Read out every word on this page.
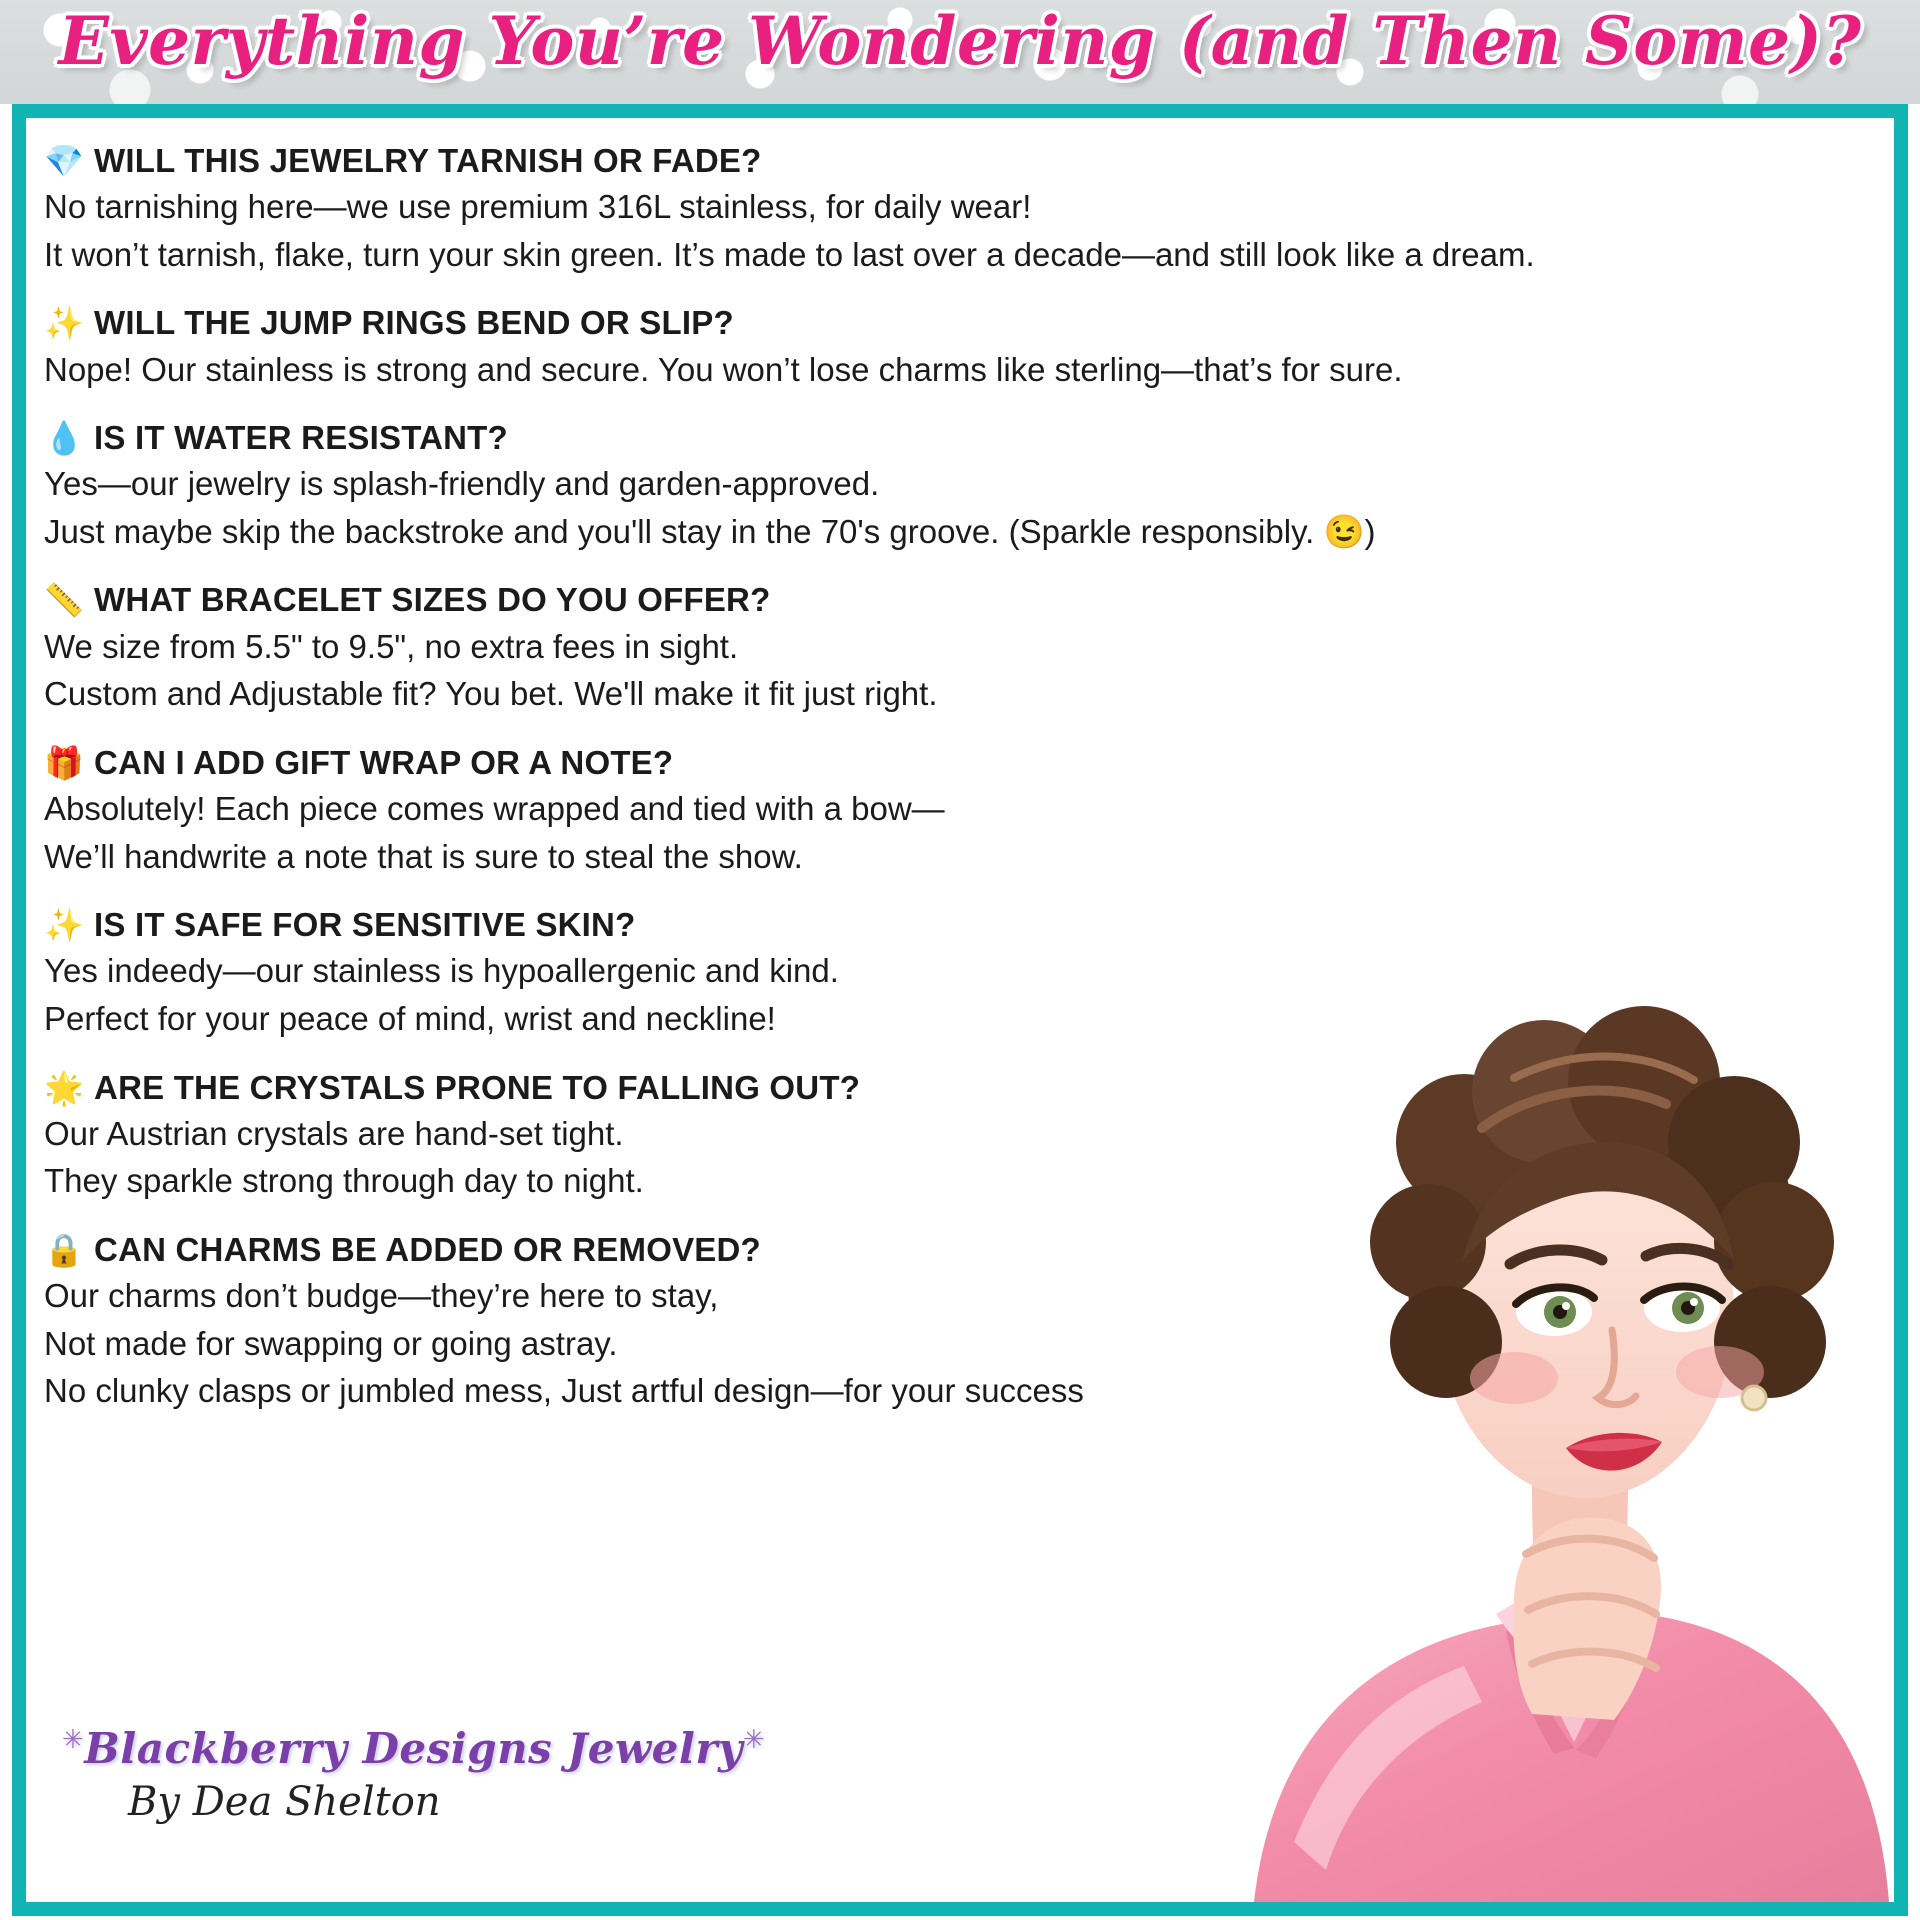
Everything You’re Wondering (and Then Some)?
💎 WILL THIS JEWELRY TARNISH OR FADE?
No tarnishing here—we use premium 316L stainless, for daily wear!
It won’t tarnish, flake, turn your skin green. It’s made to last over a decade—and still look like a dream.
✨ WILL THE JUMP RINGS BEND OR SLIP?
Nope! Our stainless is strong and secure. You won’t lose charms like sterling—that’s for sure.
💧 IS IT WATER RESISTANT?
Yes—our jewelry is splash-friendly and garden-approved.
Just maybe skip the backstroke and you'll stay in the 70's groove. (Sparkle responsibly. 😉)
📏 WHAT BRACELET SIZES DO YOU OFFER?
We size from 5.5" to 9.5", no extra fees in sight.
Custom and Adjustable fit? You bet. We'll make it fit just right.
🎁 CAN I ADD GIFT WRAP OR A NOTE?
Absolutely! Each piece comes wrapped and tied with a bow—
We’ll handwrite a note that is sure to steal the show.
✨ IS IT SAFE FOR SENSITIVE SKIN?
Yes indeedy—our stainless is hypoallergenic and kind.
Perfect for your peace of mind, wrist and neckline!
🌟 ARE THE CRYSTALS PRONE TO FALLING OUT?
Our Austrian crystals are hand-set tight.
They sparkle strong through day to night.
🔒 CAN CHARMS BE ADDED OR REMOVED?
Our charms don’t budge—they’re here to stay,
Not made for swapping or going astray.
No clunky clasps or jumbled mess, Just artful design—for your success
✳Blackberry Designs Jewelry✳
By Dea Shelton
